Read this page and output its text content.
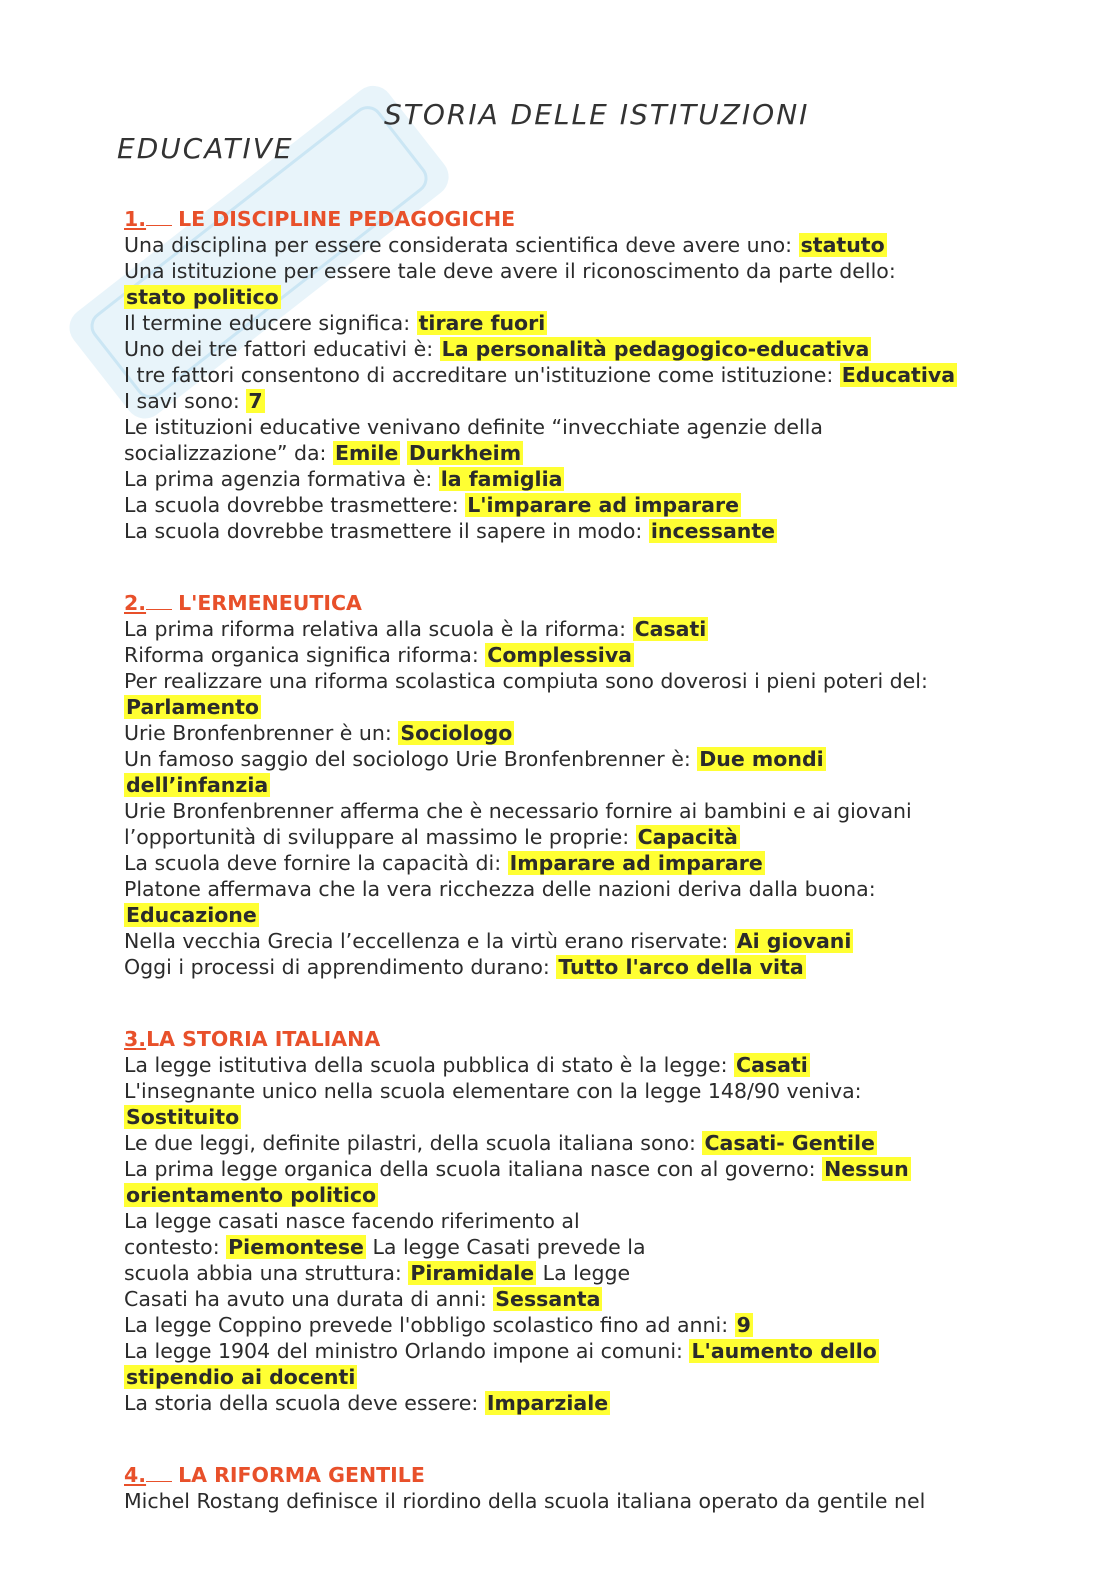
STORIA DELLE ISTITUZIONI
EDUCATIVE
1. LE DISCIPLINE PEDAGOGICHE
Una disciplina per essere considerata scientifica deve avere uno: statuto
Una istituzione per essere tale deve avere il riconoscimento da parte dello:
stato politico
Il termine educere significa: tirare fuori
Uno dei tre fattori educativi è: La personalità pedagogico-educativa
I tre fattori consentono di accreditare un'istituzione come istituzione: Educativa
I savi sono: 7
Le istituzioni educative venivano definite “invecchiate agenzie della
socializzazione” da: Emile Durkheim
La prima agenzia formativa è: la famiglia
La scuola dovrebbe trasmettere: L'imparare ad imparare
La scuola dovrebbe trasmettere il sapere in modo: incessante
2. L'ERMENEUTICA
La prima riforma relativa alla scuola è la riforma: Casati
Riforma organica significa riforma: Complessiva
Per realizzare una riforma scolastica compiuta sono doverosi i pieni poteri del:
Parlamento
Urie Bronfenbrenner è un: Sociologo
Un famoso saggio del sociologo Urie Bronfenbrenner è: Due mondi
dell’infanzia
Urie Bronfenbrenner afferma che è necessario fornire ai bambini e ai giovani
l’opportunità di sviluppare al massimo le proprie: Capacità
La scuola deve fornire la capacità di: Imparare ad imparare
Platone affermava che la vera ricchezza delle nazioni deriva dalla buona:
Educazione
Nella vecchia Grecia l’eccellenza e la virtù erano riservate: Ai giovani
Oggi i processi di apprendimento durano: Tutto l'arco della vita
3.LA STORIA ITALIANA
La legge istitutiva della scuola pubblica di stato è la legge: Casati
L'insegnante unico nella scuola elementare con la legge 148/90 veniva:
Sostituito
Le due leggi, definite pilastri, della scuola italiana sono: Casati- Gentile
La prima legge organica della scuola italiana nasce con al governo: Nessun
orientamento politico
La legge casati nasce facendo riferimento al
contesto: Piemontese La legge Casati prevede la
scuola abbia una struttura: Piramidale La legge
Casati ha avuto una durata di anni: Sessanta
La legge Coppino prevede l'obbligo scolastico fino ad anni: 9
La legge 1904 del ministro Orlando impone ai comuni: L'aumento dello
stipendio ai docenti
La storia della scuola deve essere: Imparziale
4. LA RIFORMA GENTILE
Michel Rostang definisce il riordino della scuola italiana operato da gentile nel
